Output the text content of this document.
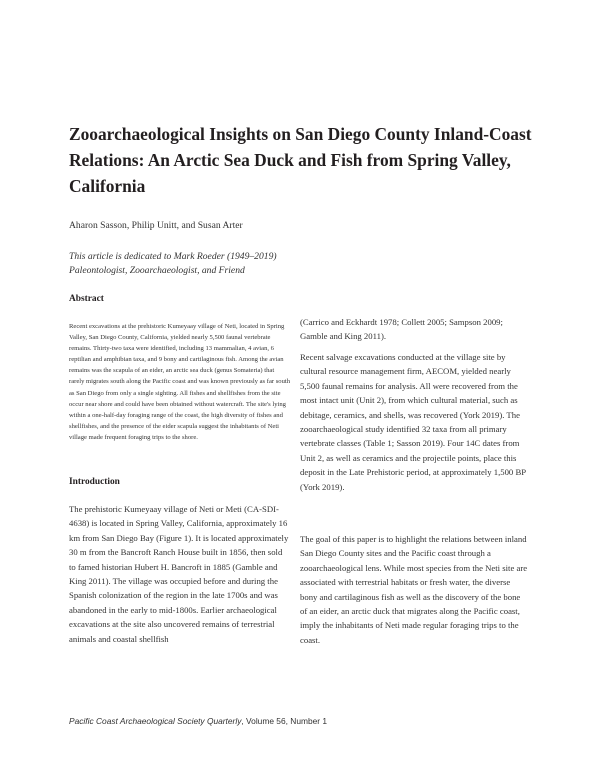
Zooarchaeological Insights on San Diego County Inland-Coast Relations: An Arctic Sea Duck and Fish from Spring Valley, California
Aharon Sasson, Philip Unitt, and Susan Arter
This article is dedicated to Mark Roeder (1949–2019)
Paleontologist, Zooarchaeologist, and Friend
Abstract

Recent excavations at the prehistoric Kumeyaay village of Neti, located in Spring Valley, San Diego County, California, yielded nearly 5,500 faunal vertebrate remains. Thirty-two taxa were identified, including 13 mammalian, 4 avian, 6 reptilian and amphibian taxa, and 9 bony and cartilaginous fish. Among the avian remains was the scapula of an eider, an arctic sea duck (genus Somateria) that rarely migrates south along the Pacific coast and was known previously as far south as San Diego from only a single sighting. All fishes and shellfishes from the site occur near shore and could have been obtained without watercraft. The site's lying within a one-half-day foraging range of the coast, the high diversity of fishes and shellfishes, and the presence of the eider scapula suggest the inhabitants of Neti village made frequent foraging trips to the shore.

Introduction

The prehistoric Kumeyaay village of Neti or Meti (CA-SDI-4638) is located in Spring Valley, California, approximately 16 km from San Diego Bay (Figure 1). It is located approximately 30 m from the Bancroft Ranch House built in 1856, then sold to famed historian Hubert H. Bancroft in 1885 (Gamble and King 2011). The village was occupied before and during the Spanish colonization of the region in the late 1700s and was abandoned in the early to mid-1800s. Earlier archaeological excavations at the site also uncovered remains of terrestrial animals and coastal shellfish

(Carrico and Eckhardt 1978; Collett 2005; Sampson 2009; Gamble and King 2011).

Recent salvage excavations conducted at the village site by cultural resource management firm, AECOM, yielded nearly 5,500 faunal remains for analysis. All were recovered from the most intact unit (Unit 2), from which cultural material, such as debitage, ceramics, and shells, was recovered (York 2019). The zooarchaeological study identified 32 taxa from all primary vertebrate classes (Table 1; Sasson 2019). Four 14C dates from Unit 2, as well as ceramics and the projectile points, place this deposit in the Late Prehistoric period, at approximately 1,500 BP (York 2019).

The goal of this paper is to highlight the relations between inland San Diego County sites and the Pacific coast through a zooarchaeological lens. While most species from the Neti site are associated with terrestrial habitats or fresh water, the diverse bony and cartilaginous fish as well as the discovery of the bone of an eider, an arctic duck that migrates along the Pacific coast, imply the inhabitants of Neti made regular foraging trips to the coast.

Pacific Coast Archaeological Society Quarterly, Volume 56, Number 1
